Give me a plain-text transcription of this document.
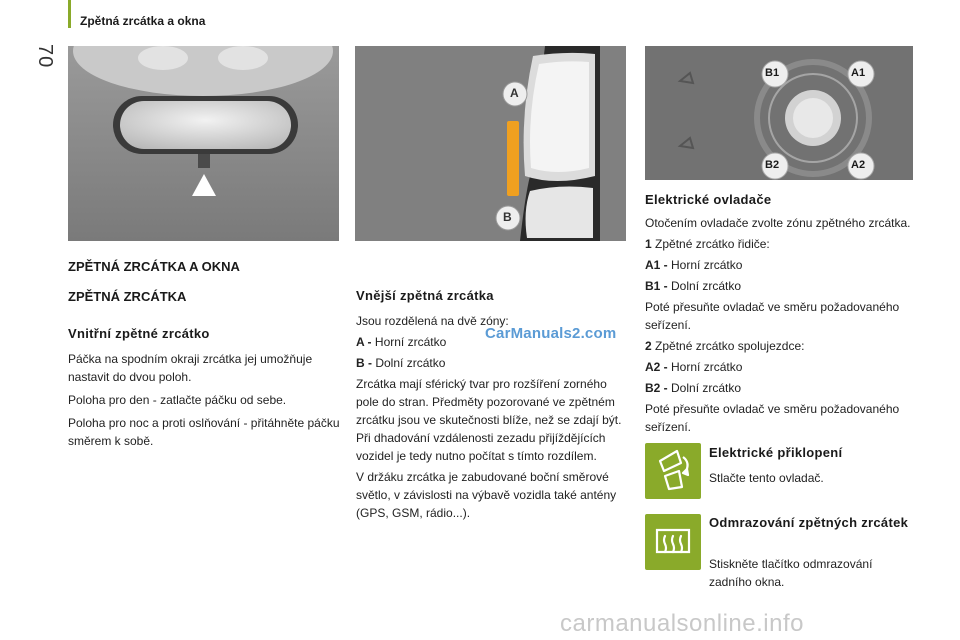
70
Zpětná zrcátka a okna
A
B
B1	A1
B2	A2
ZPĚTNÁ ZRCÁTKA A OKNA
ZPĚTNÁ ZRCÁTKA
Vnitřní zpětné zrcátko

Páčka na spodním okraji zrcátka jej umožňuje nastavit do dvou poloh.

Poloha pro den - zatlačte páčku od sebe.

Poloha pro noc a proti oslňování - přitáhněte páčku směrem k sobě.

Vnější zpětná zrcátka

Jsou rozdělená na dvě zóny:

A - Horní zrcátko

B - Dolní zrcátko

Zrcátka mají sférický tvar pro rozšíření zorného pole do stran. Předměty pozorované ve zpětném zrcátku jsou ve skutečnosti blíže, než se zdají být. Při dhadování vzdálenosti zezadu přijíždějících vozidel je tedy nutno počítat s tímto rozdílem.

V držáku zrcátka je zabudované boční směrové světlo, v závislosti na výbavě vozidla také antény (GPS, GSM, rádio...).

Elektrické ovladače

Otočením ovladače zvolte zónu zpětného zrcátka.

1 Zpětné zrcátko řidiče:

A1 - Horní zrcátko

B1 - Dolní zrcátko

Poté přesuňte ovladač ve směru požadovaného seřízení.

2 Zpětné zrcátko spolujezdce:

A2 - Horní zrcátko

B2 - Dolní zrcátko

Poté přesuňte ovladač ve směru požadovaného seřízení.

Elektrické přiklopení
Stlačte tento ovladač.
Odmrazování zpětných zrcátek
Stiskněte tlačítko odmrazování zadního okna.
CarManuals2.com
carmanualsonline.info
